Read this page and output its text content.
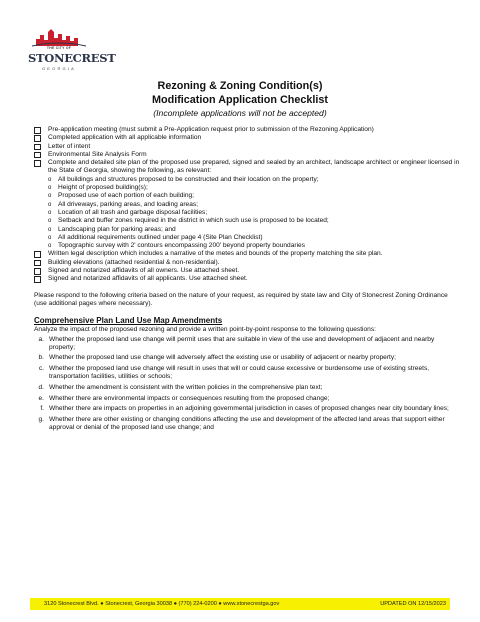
THE CITY OF
STONECREST
GEORGIA
Rezoning & Zoning Condition(s)
Modification Application Checklist
(Incomplete applications will not be accepted)
Pre-application meeting (must submit a Pre-Application request prior to submission of the Rezoning Application)
Completed application with all applicable information
Letter of intent
Environmental Site Analysis Form
Complete and detailed site plan of the proposed use prepared, signed and sealed by an architect, landscape architect or engineer licensed in the State of Georgia, showing the following, as relevant:
o	All buildings and structures proposed to be constructed and their location on the property;
o	Height of proposed building(s);
o	Proposed use of each portion of each building;
o	All driveways, parking areas, and loading areas;
o	Location of all trash and garbage disposal facilities;
o	Setback and buffer zones required in the district in which such use is proposed to be located;
o	Landscaping plan for parking areas; and
o	All additional requirements outlined under page 4 (Site Plan Checklist)
o	Topographic survey with 2' contours encompassing 200' beyond property boundaries
Written legal description which includes a narrative of the metes and bounds of the property matching the site plan.
Building elevations (attached residential & non-residential).
Signed and notarized affidavits of all owners. Use attached sheet.
Signed and notarized affidavits of all applicants. Use attached sheet.
Please respond to the following criteria based on the nature of your request, as required by state law and City of Stonecrest Zoning Ordinance (use additional pages where necessary).
Comprehensive Plan Land Use Map Amendments
Analyze the impact of the proposed rezoning and provide a written point-by-point response to the following questions:
a. Whether the proposed land use change will permit uses that are suitable in view of the use and development of adjacent and nearby property;
b. Whether the proposed land use change will adversely affect the existing use or usability of adjacent or nearby property;
c. Whether the proposed land use change will result in uses that will or could cause excessive or burdensome use of existing streets, transportation facilities, utilities or schools;
d. Whether the amendment is consistent with the written policies in the comprehensive plan text;
e. Whether there are environmental impacts or consequences resulting from the proposed change;
f. Whether there are impacts on properties in an adjoining governmental jurisdiction in cases of proposed changes near city boundary lines;
g. Whether there are other existing or changing conditions affecting the use and development of the affected land areas that support either approval or denial of the proposed land use change; and
3120 Stonecrest Blvd. ● Stonecrest, Georgia 30038 ● (770) 224-0200 ● www.stonecrestga.gov	UPDATED ON 12/15/2023
